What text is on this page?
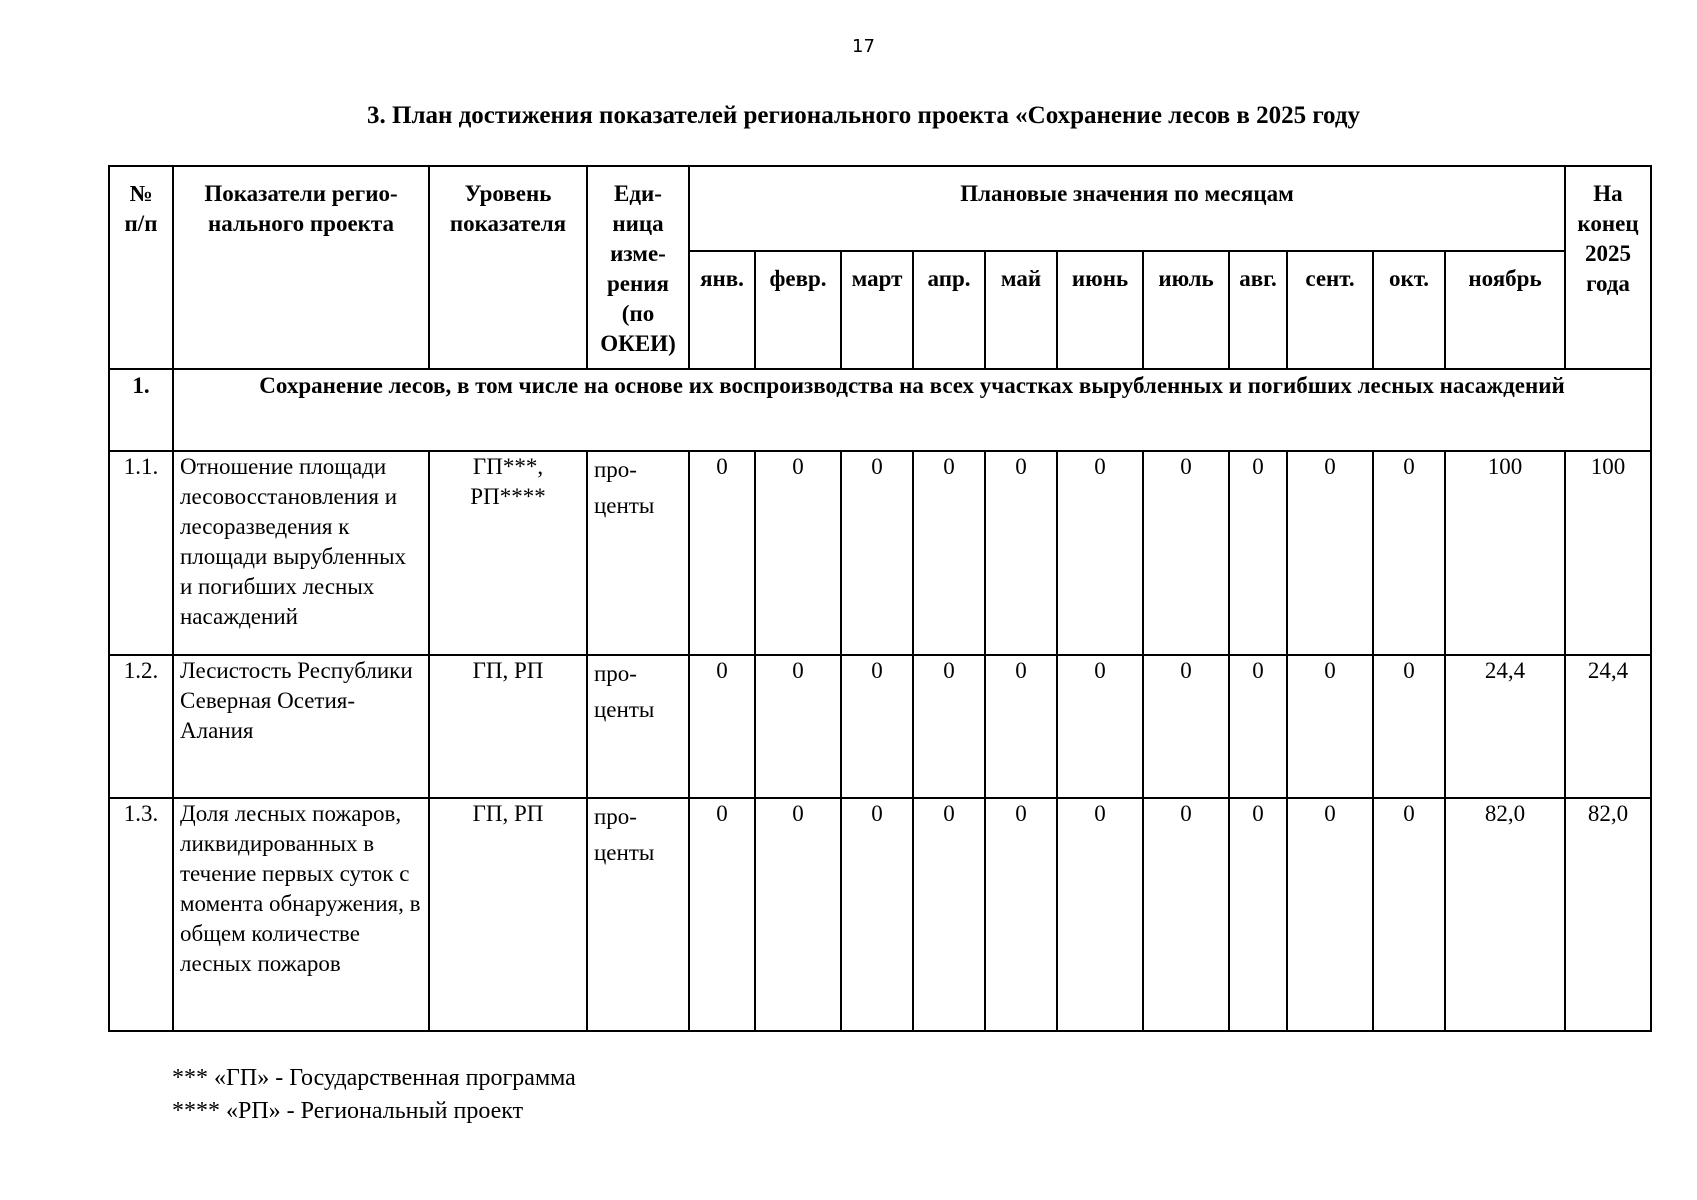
17
3. План достижения показателей регионального проекта «Сохранение лесов в 2025 году
№ п/п	Показатели регио-нального проекта	Уровень показателя	Еди-ница изме-рения (по ОКЕИ)	Плановые значения по месяцам											На конец 2025 года
				янв.	февр.	март	апр.	май	июнь	июль	авг.	сент.	окт.	ноябрь	
1.	Сохранение лесов, в том числе на основе их воспроизводства на всех участках вырубленных и погибших лесных насаждений														
1.1.	Отношение площади лесовосстановления и лесоразведения к площади вырубленных и погибших лесных насаждений	ГП***, РП****	про-центы	0	0	0	0	0	0	0	0	0	0	100	100
1.2.	Лесистость Республики Северная Осетия-Алания	ГП, РП	про-центы	0	0	0	0	0	0	0	0	0	0	24,4	24,4
1.3.	Доля лесных пожаров, ликвидированных в течение первых суток с момента обнаружения, в общем количестве лесных пожаров	ГП, РП	про-центы	0	0	0	0	0	0	0	0	0	0	82,0	82,0
*** «ГП» - Государственная программа
**** «РП» - Региональный проект
